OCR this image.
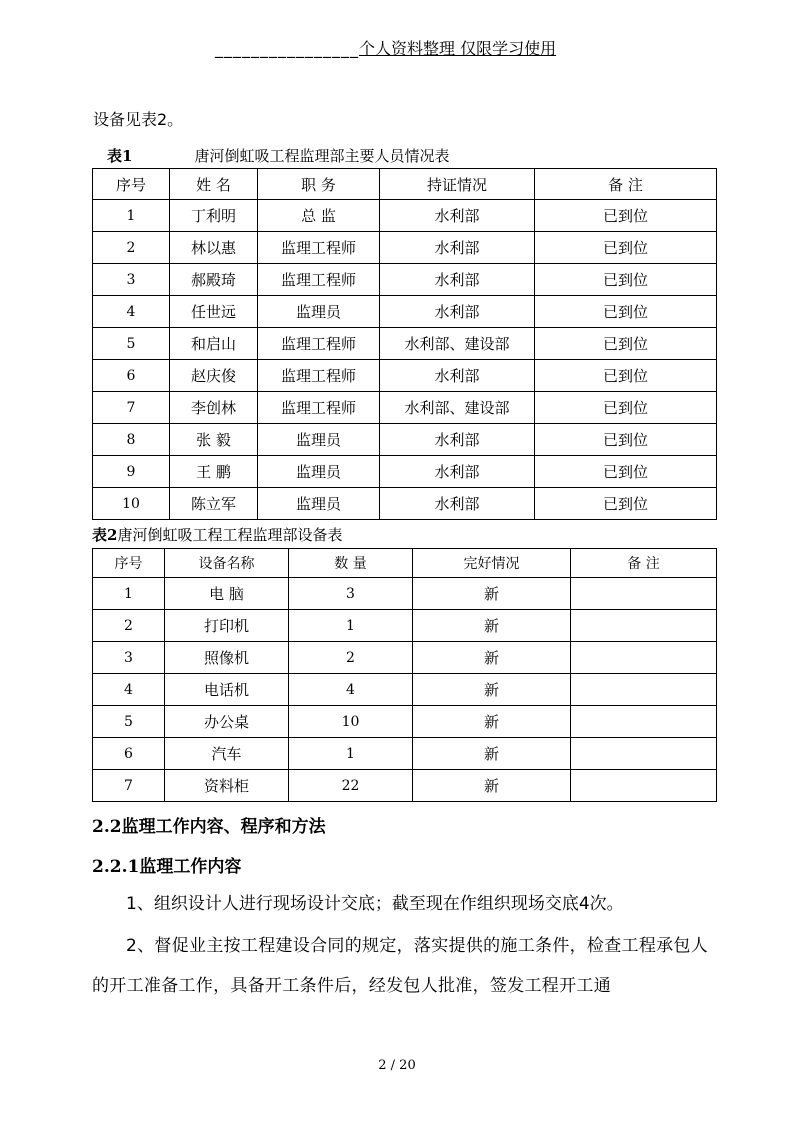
________________个人资料整理 仅限学习使用
设备见表2。
表1	唐河倒虹吸工程监理部主要人员情况表
序号	姓 名	职 务	持证情况	备 注
1	丁利明	总 监	水利部	已到位
2	林以惠	监理工程师	水利部	已到位
3	郝殿琦	监理工程师	水利部	已到位
4	任世远	监理员	水利部	已到位
5	和启山	监理工程师	水利部、建设部	已到位
6	赵庆俊	监理工程师	水利部	已到位
7	李创林	监理工程师	水利部、建设部	已到位
8	张 毅	监理员	水利部	已到位
9	王 鹏	监理员	水利部	已到位
10	陈立军	监理员	水利部	已到位
表2唐河倒虹吸工程工程监理部设备表
序号	设备名称	数 量	完好情况	备 注
1	电 脑	3	新	
2	打印机	1	新	
3	照像机	2	新	
4	电话机	4	新	
5	办公桌	10	新	
6	汽车	1	新	
7	资料柜	22	新	
2.2监理工作内容、程序和方法
2.2.1监理工作内容

1、组织设计人进行现场设计交底；截至现在作组织现场交底4次。

2、督促业主按工程建设合同的规定，落实提供的施工条件，检查工程承包人的开工准备工作，具备开工条件后，经发包人批准，签发工程开工通

2 / 20
